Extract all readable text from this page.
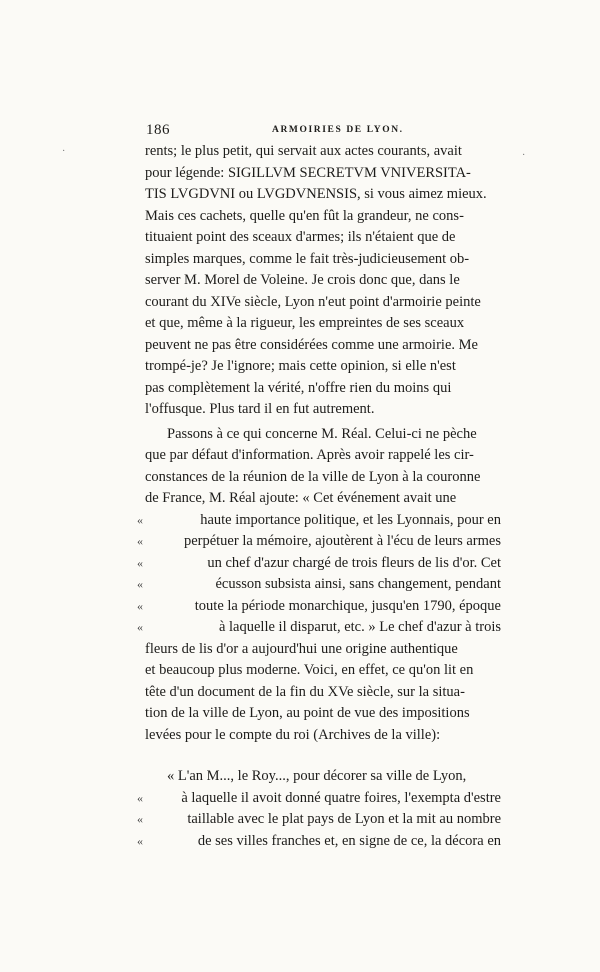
186	ARMOIRIES DE LYON.
·	·
rents; le plus petit, qui servait aux actes courants, avait
pour légende: SIGILLVM SECRETVM VNIVERSITA-
TIS LVGDVNI ou LVGDVNENSIS, si vous aimez mieux.
Mais ces cachets, quelle qu'en fût la grandeur, ne cons-
tituaient point des sceaux d'armes; ils n'étaient que de
simples marques, comme le fait très-judicieusement ob-
server M. Morel de Voleine. Je crois donc que, dans le
courant du XIVe siècle, Lyon n'eut point d'armoirie peinte
et que, même à la rigueur, les empreintes de ses sceaux
peuvent ne pas être considérées comme une armoirie. Me
trompé-je? Je l'ignore; mais cette opinion, si elle n'est
pas complètement la vérité, n'offre rien du moins qui
l'offusque. Plus tard il en fut autrement.
Passons à ce qui concerne M. Réal. Celui-ci ne pèche
que par défaut d'information. Après avoir rappelé les cir-
constances de la réunion de la ville de Lyon à la couronne
de France, M. Réal ajoute: « Cet événement avait une
«	haute importance politique, et les Lyonnais, pour en
«	perpétuer la mémoire, ajoutèrent à l'écu de leurs armes
«	un chef d'azur chargé de trois fleurs de lis d'or. Cet
«	écusson subsista ainsi, sans changement, pendant
«	toute la période monarchique, jusqu'en 1790, époque
«	à laquelle il disparut, etc. » Le chef d'azur à trois
fleurs de lis d'or a aujourd'hui une origine authentique
et beaucoup plus moderne. Voici, en effet, ce qu'on lit en
tête d'un document de la fin du XVe siècle, sur la situa-
tion de la ville de Lyon, au point de vue des impositions
levées pour le compte du roi (Archives de la ville):
« L'an M..., le Roy..., pour décorer sa ville de Lyon,
«	à laquelle il avoit donné quatre foires, l'exempta d'estre
«	taillable avec le plat pays de Lyon et la mit au nombre
«	de ses villes franches et, en signe de ce, la décora en
